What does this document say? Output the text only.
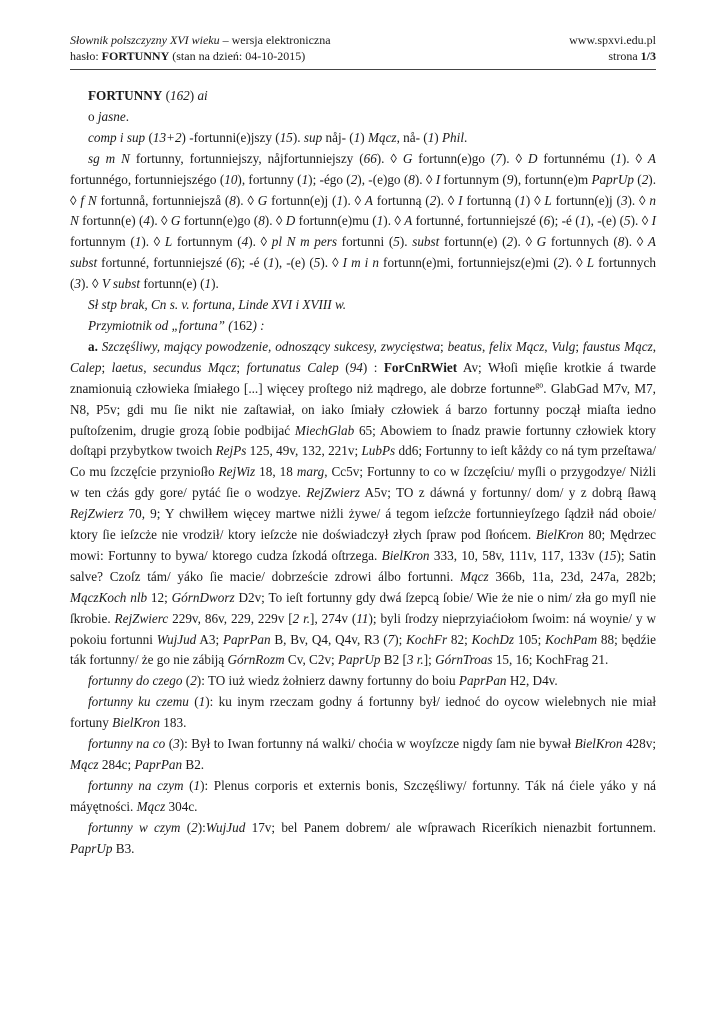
Słownik polszczyzny XVI wieku – wersja elektroniczna	www.spxvi.edu.pl
hasło: FORTUNNY (stan na dzień: 04-10-2015)	strona 1/3

FORTUNNY (162) ai

o jasne.

comp i sup (13+2) -fortunni(e)jszy (15). sup nåj- (1) Mącz, nå- (1) Phil.

sg m N fortunny, fortunniejszy, nåjfortunniejszy (66). ◊ G fortunn(e)go (7). ◊ D fortunnému (1). ◊ A fortunnégo, fortunniejszégo (10), fortunny (1); -égo (2), -(e)go (8). ◊ I fortunnym (9), fortunn(e)m PaprUp (2). ◊ f N fortunnå, fortunniejszå (8). ◊ G fortunn(e)j (1). ◊ A fortunną (2). ◊ I fortunną (1) ◊ L fortunn(e)j (3). ◊ n N fortunn(e) (4). ◊ G fortunn(e)go (8). ◊ D fortunn(e)mu (1). ◊ A fortunné, fortunniejszé (6); -é (1), -(e) (5). ◊ I fortunnym (1). ◊ L fortunnym (4). ◊ pl N m pers fortunni (5). subst fortunn(e) (2). ◊ G fortunnych (8). ◊ A subst fortunné, fortunniejszé (6); -é (1), -(e) (5). ◊ I m i n fortunn(e)mi, fortunniejsz(e)mi (2). ◊ L fortunnych (3). ◊ V subst fortunn(e) (1).

Sł stp brak, Cn s. v. fortuna, Linde XVI i XVIII w.

Przymiotnik od „fortuna” (162) :

a. Szczęśliwy, mający powodzenie, odnoszący sukcesy, zwycięstwa; beatus, felix Mącz, Vulg; faustus Mącz, Calep; laetus, secundus Mącz; fortunatus Calep (94) : ForCnRWiet Av; Włoſi mięſie krotkie á twarde znamionuią człowieka ſmiałego [...] więcey proſtego niż mądrego, ale dobrze fortunne$^{go}$. GlabGad M7v, M7, N8, P5v; gdi mu ſie nikt nie zaſtawiał, on iako ſmiały człowiek á barzo fortunny począł miaſta iedno puſtoſzenim, drugie grozą ſobie podbijać MiechGlab 65; Abowiem to ſnadz prawie fortunny człowiek ktory doſtąpi przybytkow twoich RejPs 125, 49v, 132, 221v; LubPs dd6; Fortunny to ieſt kåżdy co ná tym przeſtawa/ Co mu ſzczęſcie przynioſło RejWiz 18, 18 marg, Cc5v; Fortunny to co w ſzczęſciu/ myſli o przygodzye/ Niżli w ten cżás gdy gore/ pytáć ſie o wodzye. RejZwierz A5v; TO z dáwná y fortunny/ dom/ y z dobrą ſławą RejZwierz 70, 9; Y chwilłem więcey martwe niżli żywe/ á tegom ieſzcże fortunnieyſzego ſądził nád oboie/ ktory ſie ieſzcże nie vrodził/ ktory ieſzcże nie doświadczył złych ſpraw pod ſłońcem. BielKron 80; Mędrzec mowi: Fortunny to bywa/ ktorego cudza ſzkodá oſtrzega. BielKron 333, 10, 58v, 111v, 117, 133v (15); Satin salve? Czoſz tám/ yáko ſie macie/ dobrzeście zdrowi álbo fortunni. Mącz 366b, 11a, 23d, 247a, 282b; MączKoch nlb 12; GórnDworz D2v; To ieſt fortunny gdy dwá ſzepcą ſobie/ Wie że nie o nim/ zła go myſl nie ſkrobie. RejZwierc 229v, 86v, 229, 229v [2 r.], 274v (11); byli ſrodzy nieprzyiaćiołom ſwoim: ná woynie/ y w pokoiu fortunni WujJud A3; PaprPan B, Bv, Q4, Q4v, R3 (7); KochFr 82; KochDz 105; KochPam 88; będźie ták fortunny/ że go nie zábiją GórnRozm Cv, C2v; PaprUp B2 [3 r.]; GórnTroas 15, 16; KochFrag 21.

fortunny do czego (2): TO iuż wiedz żołnierz dawny fortunny do boiu PaprPan H2, D4v.

fortunny ku czemu (1): ku inym rzeczam godny á fortunny był/ iednoć do oycow wielebnych nie miał fortuny BielKron 183.

fortunny na co (3): Był to Iwan fortunny ná walki/ choćia w woyſzcze nigdy ſam nie bywał BielKron 428v; Mącz 284c; PaprPan B2.

fortunny na czym (1): Plenus corporis et externis bonis, Szczęśliwy/ fortunny. Ták ná ćiele yáko y ná máyętności. Mącz 304c.

fortunny w czym (2):WujJud 17v; bel Panem dobrem/ ale wſprawach Riceríkich nienazbit fortunnem. PaprUp B3.
